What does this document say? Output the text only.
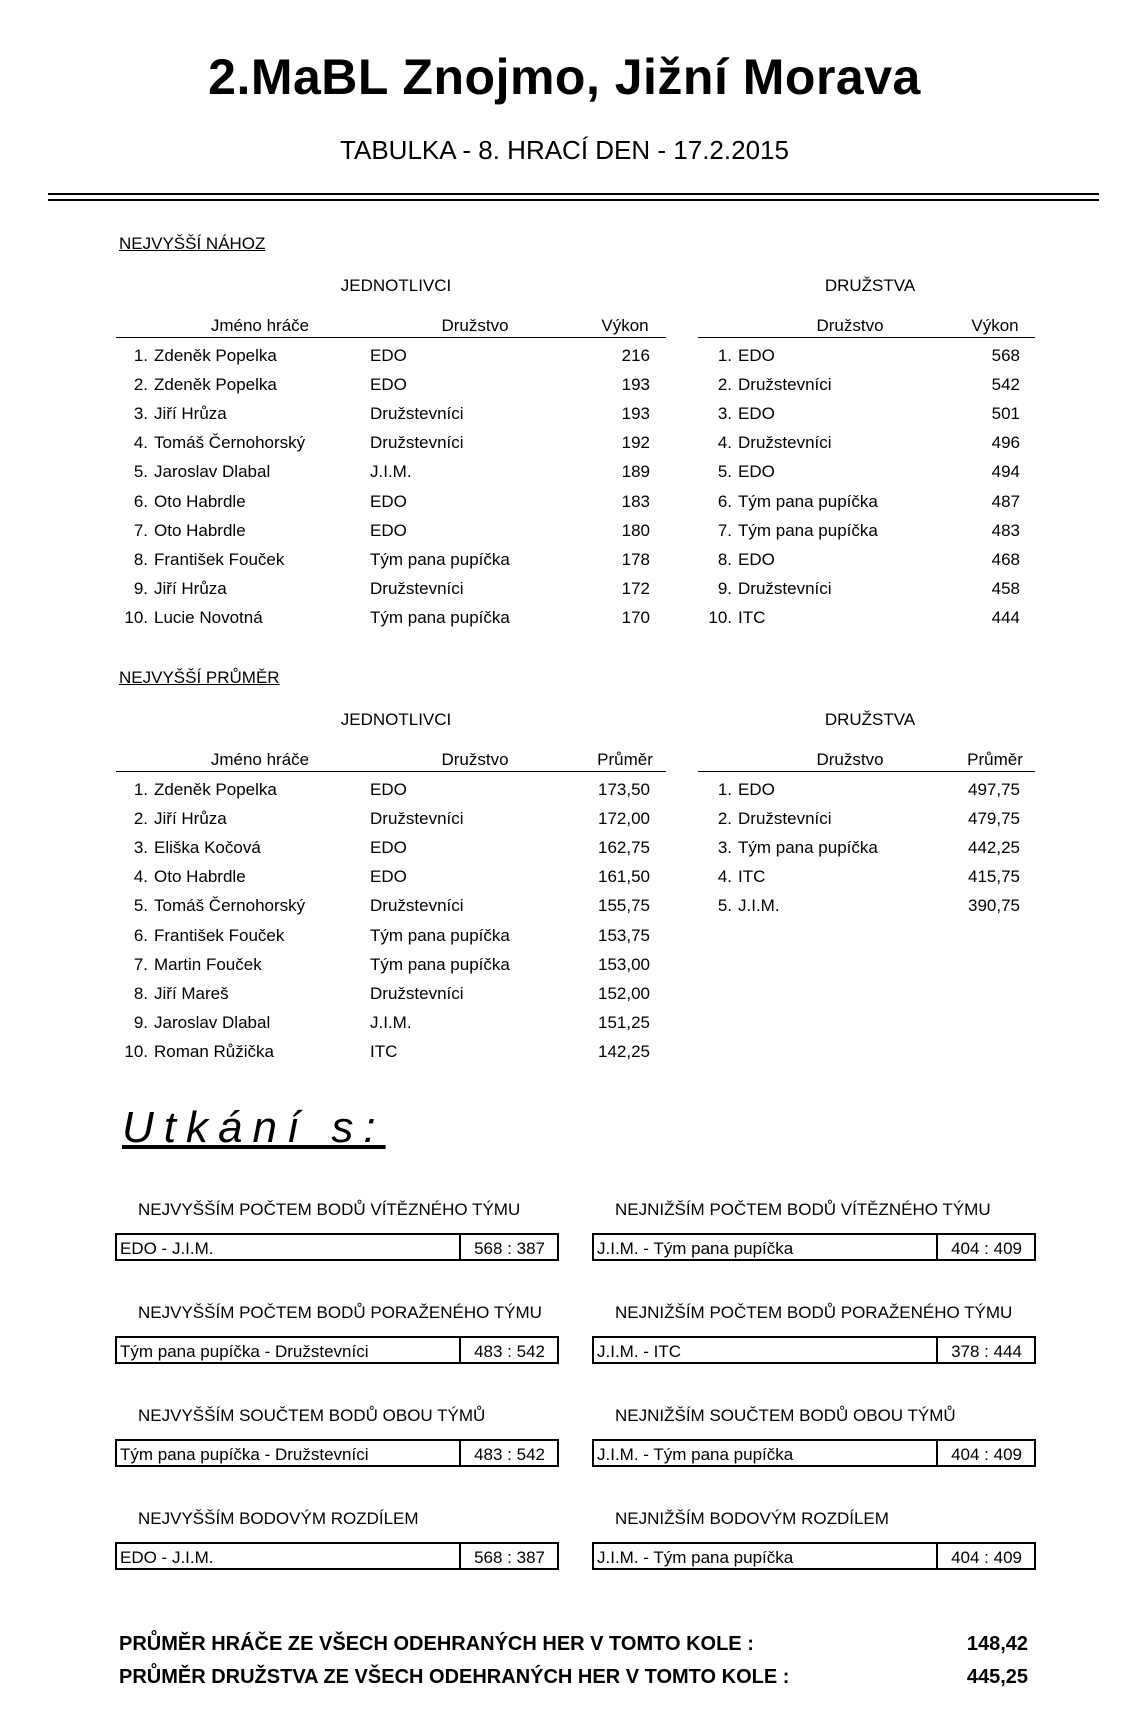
2.MaBL Znojmo, Jižní Morava
TABULKA - 8. HRACÍ DEN - 17.2.2015
NEJVYŠŠÍ NÁHOZ
JEDNOTLIVCI	DRUŽSTVA
Jméno hráče	Družstvo	Výkon	Družstvo	Výkon
1. Zdeněk Popelka	EDO	216
2. Zdeněk Popelka	EDO	193
3. Jiří Hrůza	Družstevníci	193
4. Tomáš Černohorský	Družstevníci	192
5. Jaroslav Dlabal	J.I.M.	189
6. Oto Habrdle	EDO	183
7. Oto Habrdle	EDO	180
8. František Fouček	Tým pana pupíčka	178
9. Jiří Hrůza	Družstevníci	172
10. Lucie Novotná	Tým pana pupíčka	170
1. EDO	568
2. Družstevníci	542
3. EDO	501
4. Družstevníci	496
5. EDO	494
6. Tým pana pupíčka	487
7. Tým pana pupíčka	483
8. EDO	468
9. Družstevníci	458
10. ITC	444
NEJVYŠŠÍ PRŮMĚR
JEDNOTLIVCI	DRUŽSTVA
Jméno hráče	Družstvo	Průměr	Družstvo	Průměr
1. Zdeněk Popelka	EDO	173,50
2. Jiří Hrůza	Družstevníci	172,00
3. Eliška Kočová	EDO	162,75
4. Oto Habrdle	EDO	161,50
5. Tomáš Černohorský	Družstevníci	155,75
6. František Fouček	Tým pana pupíčka	153,75
7. Martin Fouček	Tým pana pupíčka	153,00
8. Jiří Mareš	Družstevníci	152,00
9. Jaroslav Dlabal	J.I.M.	151,25
10. Roman Růžička	ITC	142,25
1. EDO	497,75
2. Družstevníci	479,75
3. Tým pana pupíčka	442,25
4. ITC	415,75
5. J.I.M.	390,75
Utkání s:
NEJVYŠŠÍM POČTEM BODŮ VÍTĚZNÉHO TÝMU
EDO - J.I.M.	568 : 387
NEJNIŽŠÍM POČTEM BODŮ VÍTĚZNÉHO TÝMU
J.I.M. - Tým pana pupíčka	404 : 409
NEJVYŠŠÍM POČTEM BODŮ PORAŽENÉHO TÝMU
Tým pana pupíčka - Družstevníci	483 : 542
NEJNIŽŠÍM POČTEM BODŮ PORAŽENÉHO TÝMU
J.I.M. - ITC	378 : 444
NEJVYŠŠÍM SOUČTEM BODŮ OBOU TÝMŮ
Tým pana pupíčka - Družstevníci	483 : 542
NEJNIŽŠÍM SOUČTEM BODŮ OBOU TÝMŮ
J.I.M. - Tým pana pupíčka	404 : 409
NEJVYŠŠÍM BODOVÝM ROZDÍLEM
EDO - J.I.M.	568 : 387
NEJNIŽŠÍM BODOVÝM ROZDÍLEM
J.I.M. - Tým pana pupíčka	404 : 409
PRŮMĚR HRÁČE ZE VŠECH ODEHRANÝCH HER V TOMTO KOLE :	148,42
PRŮMĚR DRUŽSTVA ZE VŠECH ODEHRANÝCH HER V TOMTO KOLE :	445,25
